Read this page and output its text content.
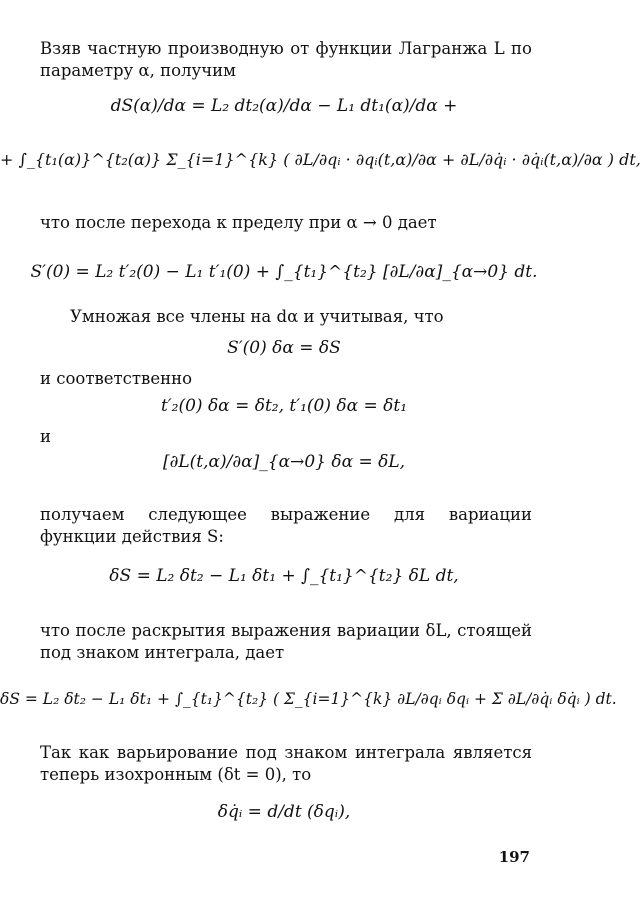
Взяв частную производную от функции Лагранжа L по параметру α, получим
dS(α)/dα = L₂ dt₂(α)/dα − L₁ dt₁(α)/dα +
+ ∫_{t₁(α)}^{t₂(α)} Σ_{i=1}^{k} ( ∂L/∂qᵢ · ∂qᵢ(t,α)/∂α + ∂L/∂q̇ᵢ · ∂q̇ᵢ(t,α)/∂α ) dt,
что после перехода к пределу при α → 0 дает
S′(0) = L₂ t′₂(0) − L₁ t′₁(0) + ∫_{t₁}^{t₂} [∂L/∂α]_{α→0} dt.
Умножая все члены на dα и учитывая, что
S′(0) δα = δS
и соответственно
t′₂(0) δα = δt₂, t′₁(0) δα = δt₁
и
[∂L(t,α)/∂α]_{α→0} δα = δL,
получаем следующее выражение для вариации функции действия S:
δS = L₂ δt₂ − L₁ δt₁ + ∫_{t₁}^{t₂} δL dt,
что после раскрытия выражения вариации δL, стоящей под знаком интеграла, дает
δS = L₂ δt₂ − L₁ δt₁ + ∫_{t₁}^{t₂} ( Σ_{i=1}^{k} ∂L/∂qᵢ δqᵢ + Σ ∂L/∂q̇ᵢ δq̇ᵢ ) dt.
Так как варьирование под знаком интеграла является теперь изохронным (δt = 0), то
δq̇ᵢ = d/dt (δqᵢ),
197
